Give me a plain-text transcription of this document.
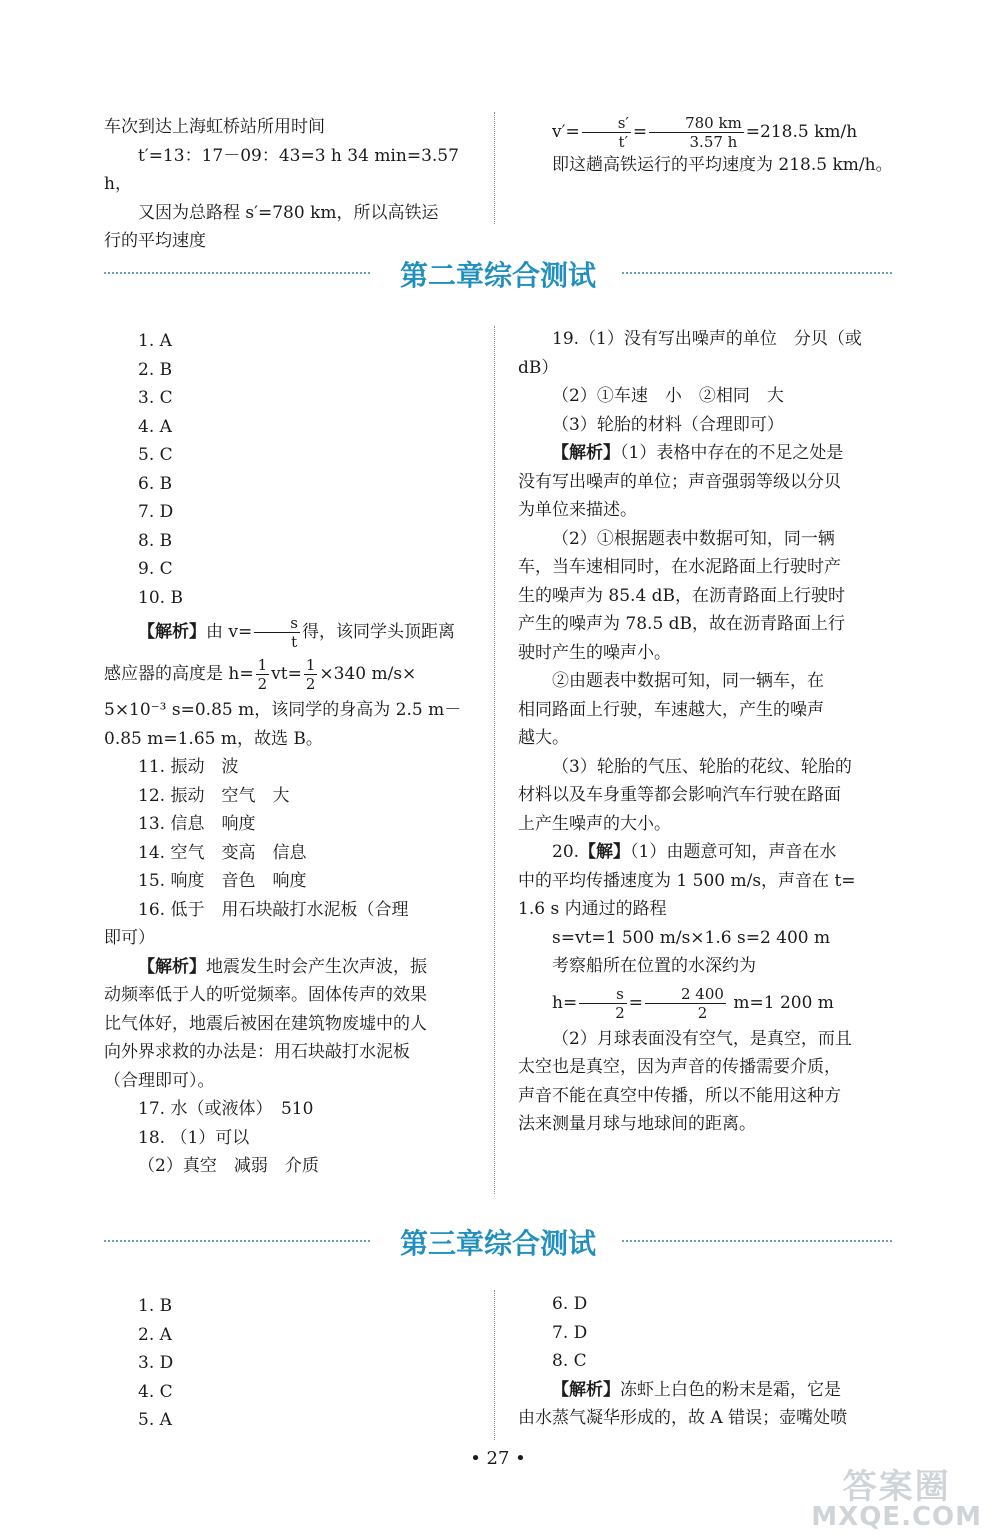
车次到达上海虹桥站所用时间

t′=13：17－09：43=3 h 34 min=3.57 h，

又因为总路程 s′=780 km，所以高铁运

行的平均速度

$v'= \frac{s'}{t'} = \frac{780 km}{3.57 h} =218.5$ km/h

即这趟高铁运行的平均速度为 218.5 km/h。

第二章综合测试

1. A

2. B

3. C

4. A

5. C

6. B

7. D

8. B

9. C

10. B

【解析】由 $v= \frac{s}{t}$ 得，该同学头顶距离

感应器的高度是 $h= \frac{1}{2} vt= \frac{1}{2} \times 340$ m/s×

5×10⁻³ s=0.85 m，该同学的身高为 2.5 m－

0.85 m=1.65 m，故选 B。

11. 振动　波

12. 振动　空气　大

13. 信息　响度

14. 空气　变高　信息

15. 响度　音色　响度

16. 低于　用石块敲打水泥板（合理

即可）

【解析】地震发生时会产生次声波，振

动频率低于人的听觉频率。固体传声的效果

比气体好，地震后被困在建筑物废墟中的人

向外界求救的办法是：用石块敲打水泥板

（合理即可）。

17. 水（或液体）　510

18. （1）可以

（2）真空　减弱　介质

19.（1）没有写出噪声的单位　分贝（或

dB）

（2）①车速　小　②相同　大

（3）轮胎的材料（合理即可）

【解析】（1）表格中存在的不足之处是

没有写出噪声的单位；声音强弱等级以分贝

为单位来描述。

（2）①根据题表中数据可知，同一辆

车，当车速相同时，在水泥路面上行驶时产

生的噪声为 85.4 dB，在沥青路面上行驶时

产生的噪声为 78.5 dB，故在沥青路面上行

驶时产生的噪声小。

②由题表中数据可知，同一辆车，在

相同路面上行驶，车速越大，产生的噪声

越大。

（3）轮胎的气压、轮胎的花纹、轮胎的

材料以及车身重等都会影响汽车行驶在路面

上产生噪声的大小。

20.【解】（1）由题意可知，声音在水

中的平均传播速度为 1 500 m/s，声音在 t=

1.6 s 内通过的路程

s=vt=1 500 m/s×1.6 s=2 400 m

考察船所在位置的水深约为

$h= \frac{s}{2} = \frac{2 400}{2} m=1$ 200 m

（2）月球表面没有空气，是真空，而且

太空也是真空，因为声音的传播需要介质，

声音不能在真空中传播，所以不能用这种方

法来测量月球与地球间的距离。

第三章综合测试

1. B

2. A

3. D

4. C

5. A

6. D

7. D

8. C

【解析】冻虾上白色的粉末是霜，它是

由水蒸气凝华形成的，故 A 错误；壶嘴处喷

• 27 •
答案圈
MXQE.COM
